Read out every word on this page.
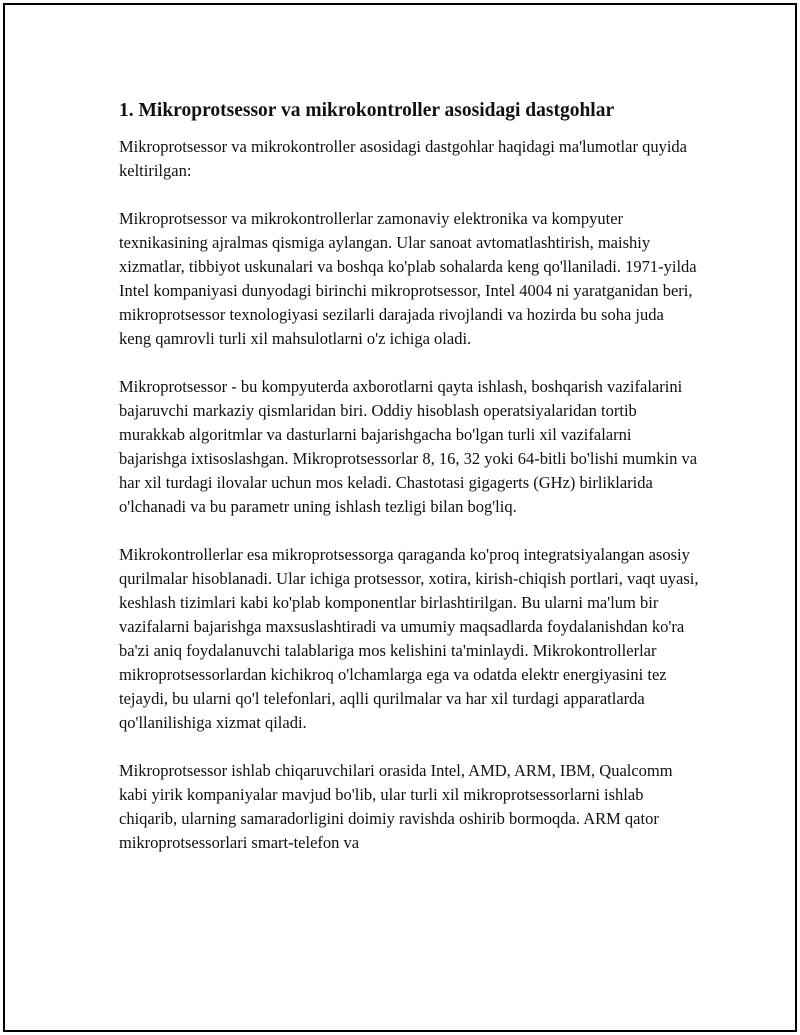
1. Mikroprotsessor va mikrokontroller asosidagi dastgohlar

Mikroprotsessor va mikrokontroller asosidagi dastgohlar haqidagi ma'lumotlar quyida keltirilgan:

Mikroprotsessor va mikrokontrollerlar zamonaviy elektronika va kompyuter texnikasining ajralmas qismiga aylangan. Ular sanoat avtomatlashtirish, maishiy xizmatlar, tibbiyot uskunalari va boshqa ko'plab sohalarda keng qo'llaniladi. 1971-yilda Intel kompaniyasi dunyodagi birinchi mikroprotsessor, Intel 4004 ni yaratganidan beri, mikroprotsessor texnologiyasi sezilarli darajada rivojlandi va hozirda bu soha juda keng qamrovli turli xil mahsulotlarni o'z ichiga oladi.

Mikroprotsessor - bu kompyuterda axborotlarni qayta ishlash, boshqarish vazifalarini bajaruvchi markaziy qismlaridan biri. Oddiy hisoblash operatsiyalaridan tortib murakkab algoritmlar va dasturlarni bajarishgacha bo'lgan turli xil vazifalarni bajarishga ixtisoslashgan. Mikroprotsessorlar 8, 16, 32 yoki 64-bitli bo'lishi mumkin va har xil turdagi ilovalar uchun mos keladi. Chastotasi gigagerts (GHz) birliklarida o'lchanadi va bu parametr uning ishlash tezligi bilan bog'liq.

Mikrokontrollerlar esa mikroprotsessorga qaraganda ko'proq integratsiyalangan asosiy qurilmalar hisoblanadi. Ular ichiga protsessor, xotira, kirish-chiqish portlari, vaqt uyasi, keshlash tizimlari kabi ko'plab komponentlar birlashtirilgan. Bu ularni ma'lum bir vazifalarni bajarishga maxsuslashtiradi va umumiy maqsadlarda foydalanishdan ko'ra ba'zi aniq foydalanuvchi talablariga mos kelishini ta'minlaydi. Mikrokontrollerlar mikroprotsessorlardan kichikroq o'lchamlarga ega va odatda elektr energiyasini tez tejaydi, bu ularni qo'l telefonlari, aqlli qurilmalar va har xil turdagi apparatlarda qo'llanilishiga xizmat qiladi.

Mikroprotsessor ishlab chiqaruvchilari orasida Intel, AMD, ARM, IBM, Qualcomm kabi yirik kompaniyalar mavjud bo'lib, ular turli xil mikroprotsessorlarni ishlab chiqarib, ularning samaradorligini doimiy ravishda oshirib bormoqda. ARM qator mikroprotsessorlari smart-telefon va
